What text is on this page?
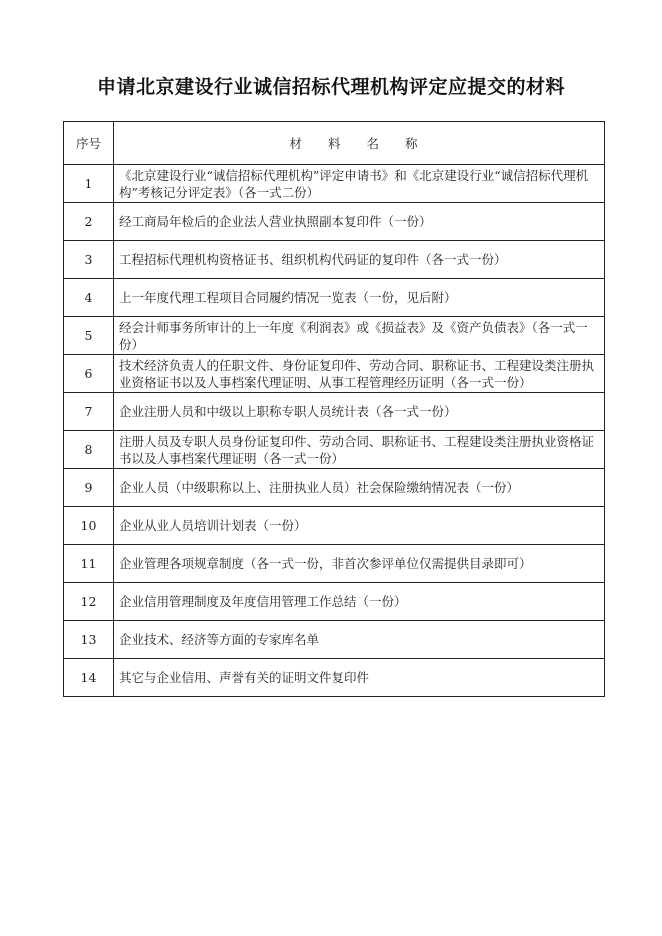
申请北京建设行业诚信招标代理机构评定应提交的材料
序号	材 料 名 称
1	《北京建设行业“诚信招标代理机构”评定申请书》和《北京建设行业“诚信招标代理机构”考核记分评定表》（各一式二份）
2	经工商局年检后的企业法人营业执照副本复印件（一份）
3	工程招标代理机构资格证书、组织机构代码证的复印件（各一式一份）
4	上一年度代理工程项目合同履约情况一览表（一份，见后附）
5	经会计师事务所审计的上一年度《利润表》或《损益表》及《资产负债表》（各一式一份）
6	技术经济负责人的任职文件、身份证复印件、劳动合同、职称证书、工程建设类注册执业资格证书以及人事档案代理证明、从事工程管理经历证明（各一式一份）
7	企业注册人员和中级以上职称专职人员统计表（各一式一份）
8	注册人员及专职人员身份证复印件、劳动合同、职称证书、工程建设类注册执业资格证书以及人事档案代理证明（各一式一份）
9	企业人员（中级职称以上、注册执业人员）社会保险缴纳情况表（一份）
10	企业从业人员培训计划表（一份）
11	企业管理各项规章制度（各一式一份，非首次参评单位仅需提供目录即可）
12	企业信用管理制度及年度信用管理工作总结（一份）
13	企业技术、经济等方面的专家库名单
14	其它与企业信用、声誉有关的证明文件复印件
